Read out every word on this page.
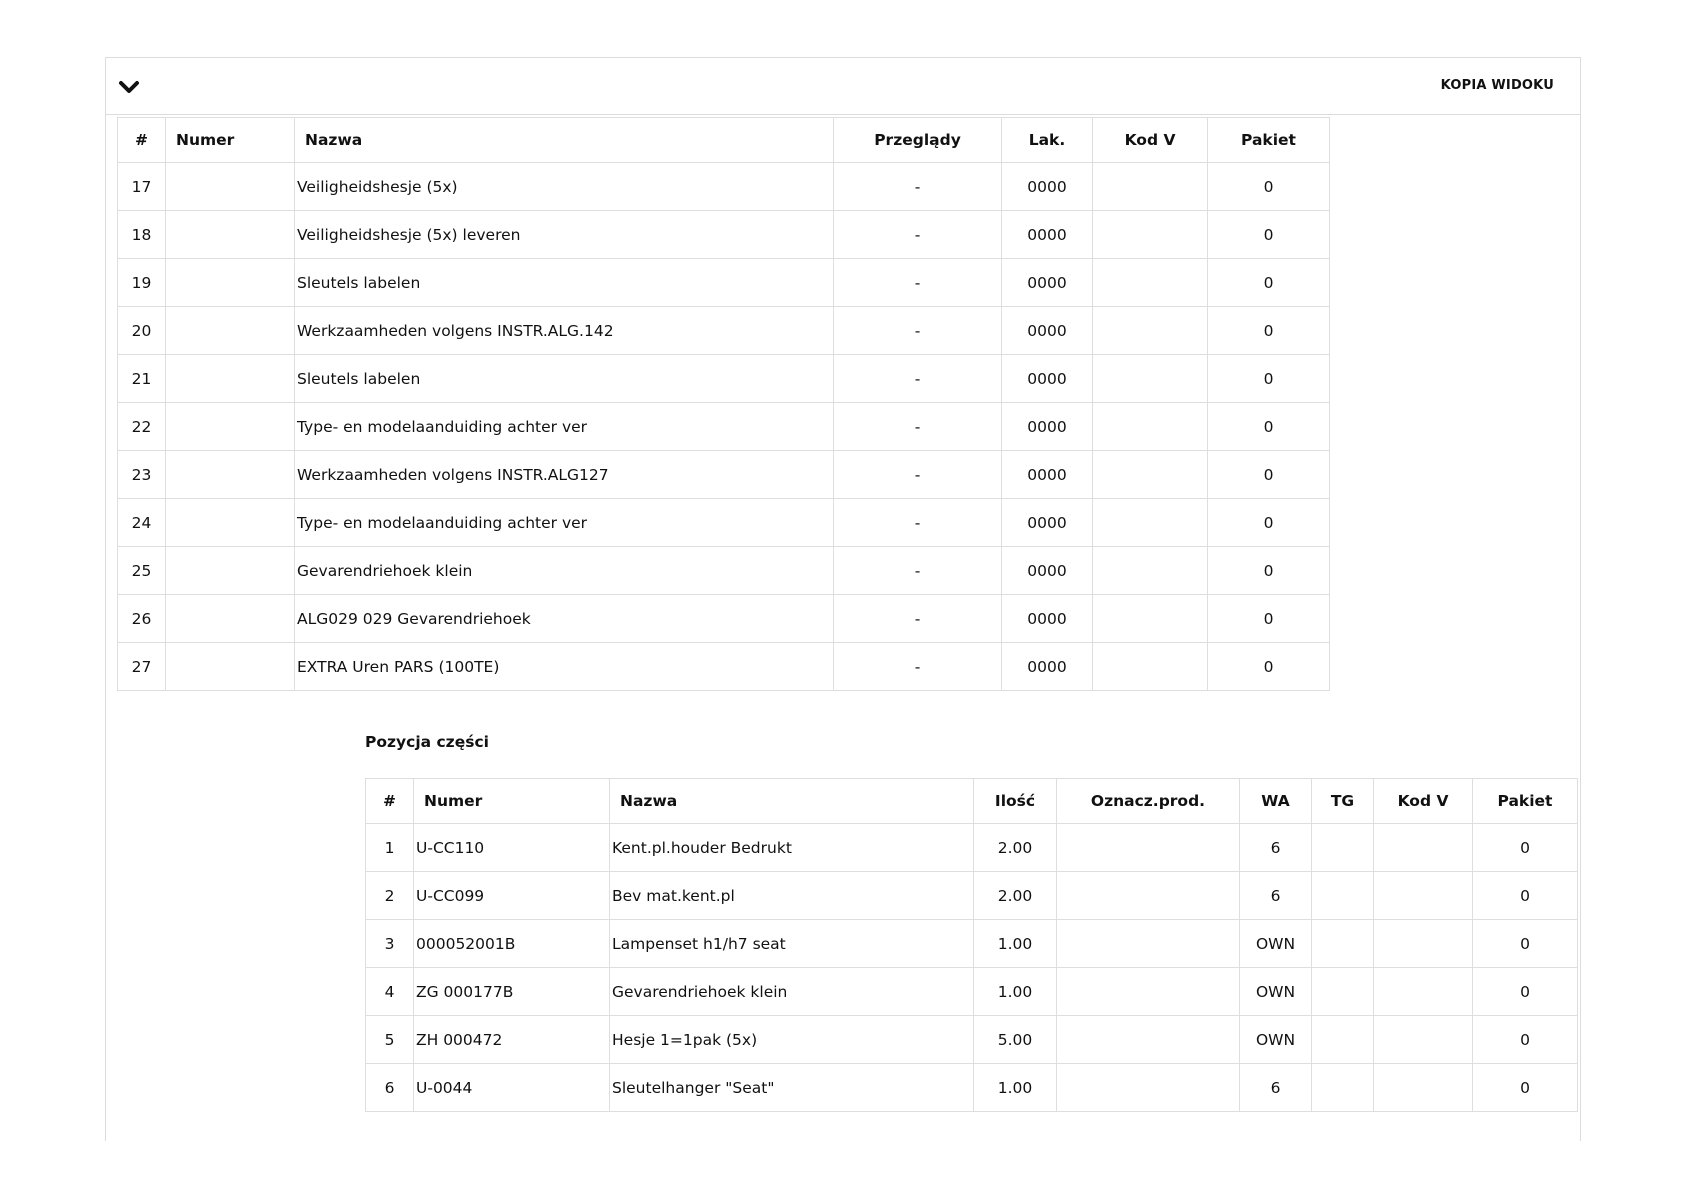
KOPIA WIDOKU
#	Numer	Nazwa	Przeglądy	Lak.	Kod V	Pakiet
17		Veiligheidshesje (5x)	-	0000		0
18		Veiligheidshesje (5x) leveren	-	0000		0
19		Sleutels labelen	-	0000		0
20		Werkzaamheden volgens INSTR.ALG.142	-	0000		0
21		Sleutels labelen	-	0000		0
22		Type- en modelaanduiding achter ver	-	0000		0
23		Werkzaamheden volgens INSTR.ALG127	-	0000		0
24		Type- en modelaanduiding achter ver	-	0000		0
25		Gevarendriehoek klein	-	0000		0
26		ALG029 029 Gevarendriehoek	-	0000		0
27		EXTRA Uren PARS (100TE)	-	0000		0
Pozycja części
#	Numer	Nazwa	Ilość	Oznacz.prod.	WA	TG	Kod V	Pakiet
1	U-CC110	Kent.pl.houder Bedrukt	2.00		6			0
2	U-CC099	Bev mat.kent.pl	2.00		6			0
3	000052001B	Lampenset h1/h7 seat	1.00		OWN			0
4	ZG 000177B	Gevarendriehoek klein	1.00		OWN			0
5	ZH 000472	Hesje 1=1pak (5x)	5.00		OWN			0
6	U-0044	Sleutelhanger "Seat"	1.00		6			0
